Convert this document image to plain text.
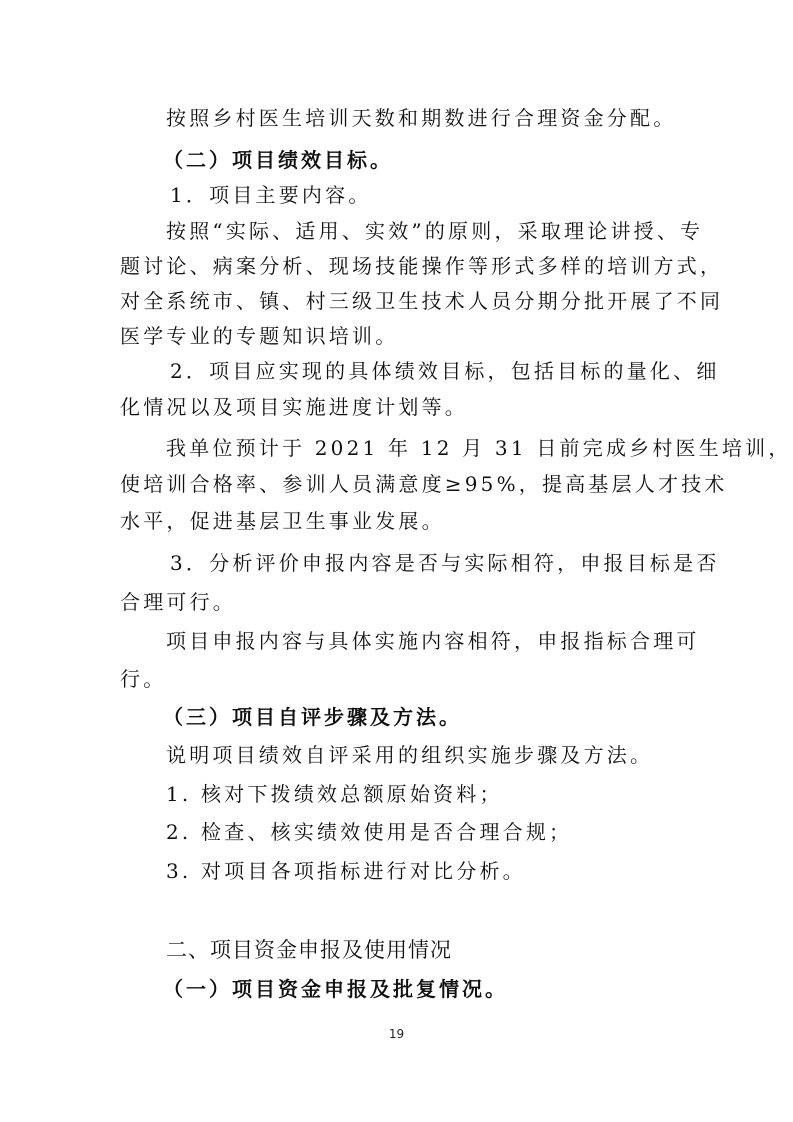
按照乡村医生培训天数和期数进行合理资金分配。
（二）项目绩效目标。
1．项目主要内容。
按照“实际、适用、实效”的原则，采取理论讲授、专
题讨论、病案分析、现场技能操作等形式多样的培训方式，
对全系统市、镇、村三级卫生技术人员分期分批开展了不同
医学专业的专题知识培训。
2．项目应实现的具体绩效目标，包括目标的量化、细
化情况以及项目实施进度计划等。
我单位预计于 2021 年 12 月 31 日前完成乡村医生培训，
使培训合格率、参训人员满意度≥95%，提高基层人才技术
水平，促进基层卫生事业发展。
3．分析评价申报内容是否与实际相符，申报目标是否
合理可行。
项目申报内容与具体实施内容相符，申报指标合理可
行。
（三）项目自评步骤及方法。
说明项目绩效自评采用的组织实施步骤及方法。
1. 核对下拨绩效总额原始资料；
2. 检查、核实绩效使用是否合理合规；
3. 对项目各项指标进行对比分析。
二、项目资金申报及使用情况
（一）项目资金申报及批复情况。
19
